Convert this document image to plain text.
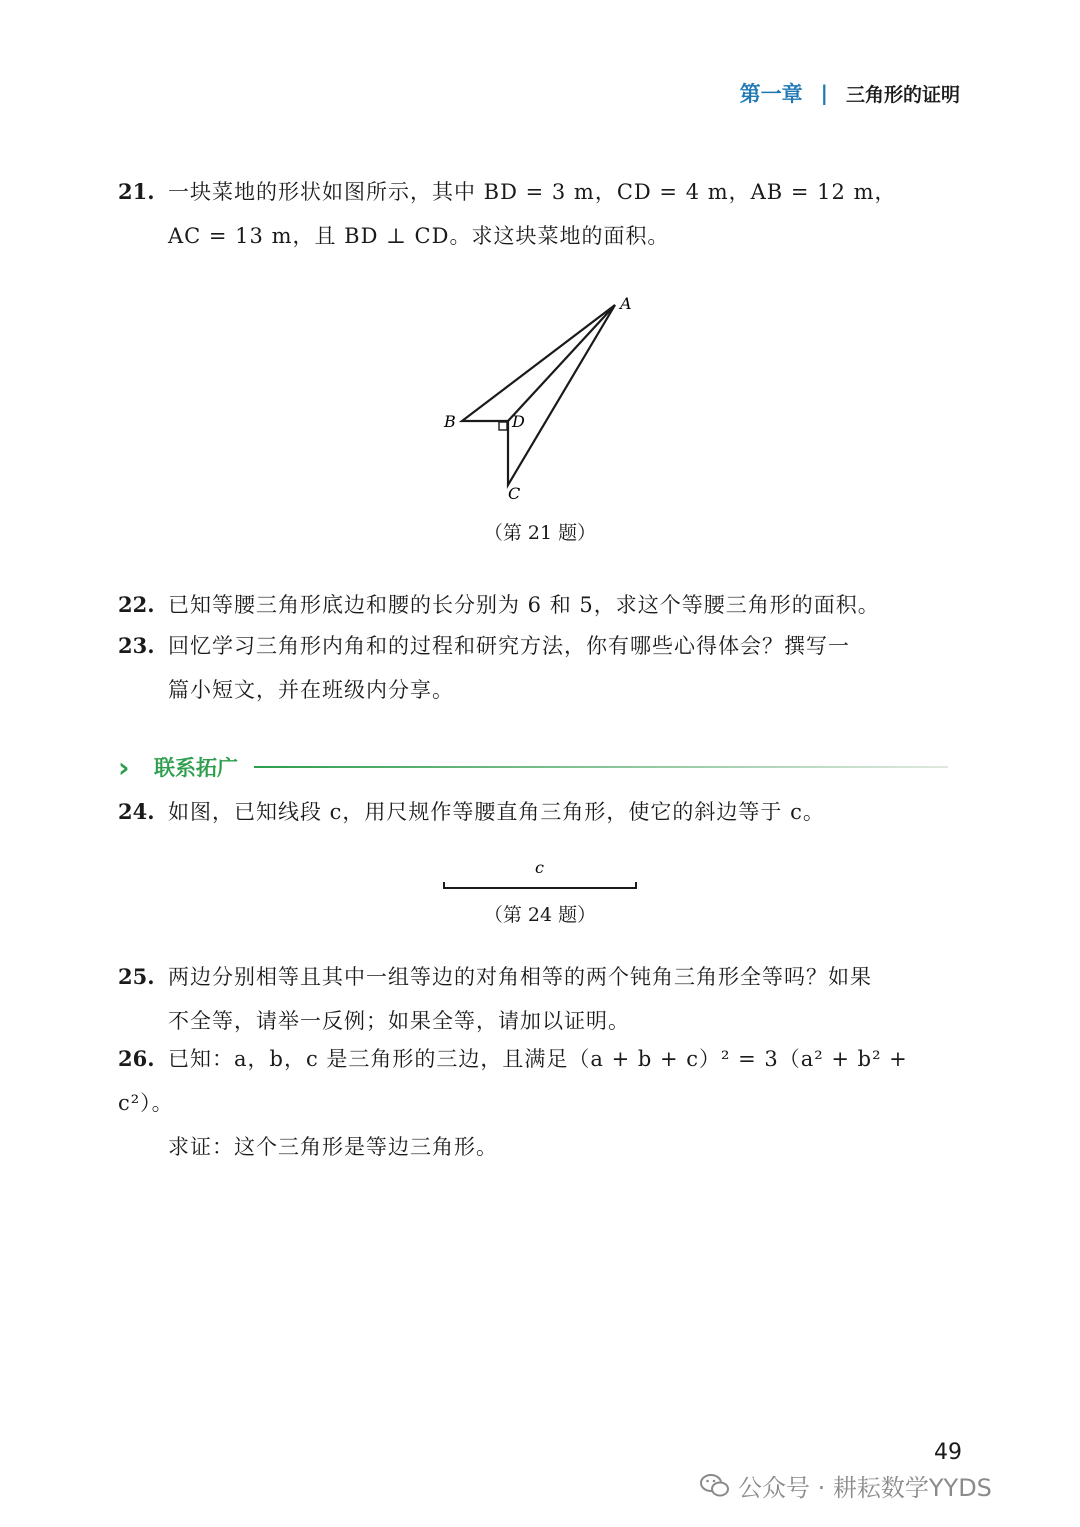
第一章 | 三角形的证明
21. 一块菜地的形状如图所示，其中 BD = 3 m，CD = 4 m，AB = 12 m，
AC = 13 m，且 BD ⊥ CD。求这块菜地的面积。
A
B	D
C
（第 21 题）
22. 已知等腰三角形底边和腰的长分别为 6 和 5，求这个等腰三角形的面积。
23. 回忆学习三角形内角和的过程和研究方法，你有哪些心得体会？撰写一
篇小短文，并在班级内分享。
›	联系拓广
24. 如图，已知线段 c，用尺规作等腰直角三角形，使它的斜边等于 c。
c
（第 24 题）
25. 两边分别相等且其中一组等边的对角相等的两个钝角三角形全等吗？如果
不全等，请举一反例；如果全等，请加以证明。
26. 已知：a，b，c 是三角形的三边，且满足（a + b + c）² = 3（a² + b² + c²）。
求证：这个三角形是等边三角形。
49
公众号 · 耕耘数学YYDS
